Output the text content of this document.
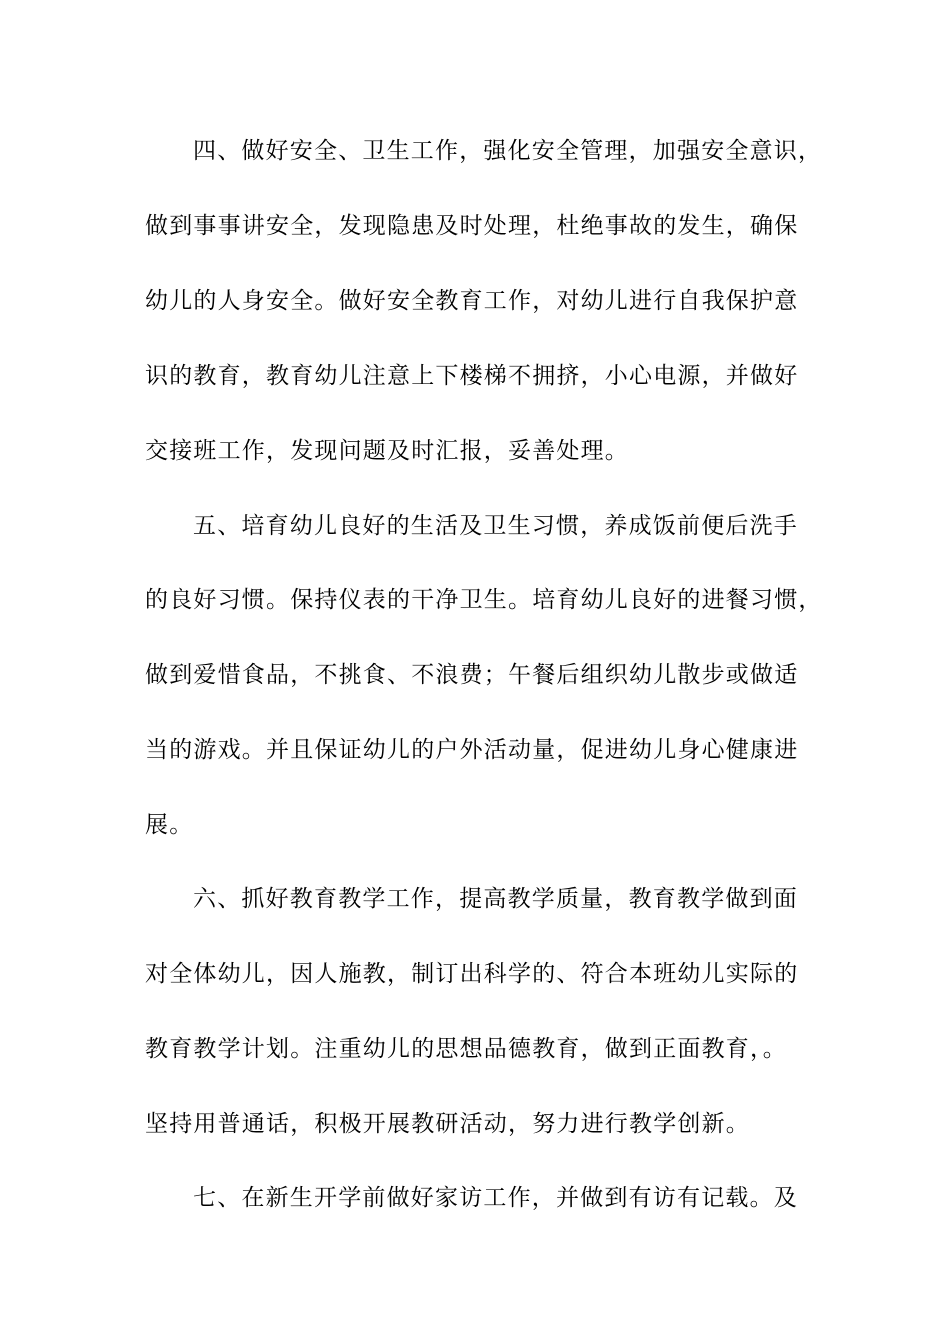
四、做好安全、卫生工作，强化安全管理，加强安全意识，
做到事事讲安全，发现隐患及时处理，杜绝事故的发生，确保
幼儿的人身安全。做好安全教育工作，对幼儿进行自我保护意
识的教育，教育幼儿注意上下楼梯不拥挤，小心电源，并做好
交接班工作，发现问题及时汇报，妥善处理。
五、培育幼儿良好的生活及卫生习惯，养成饭前便后洗手
的良好习惯。保持仪表的干净卫生。培育幼儿良好的进餐习惯，
做到爱惜食品，不挑食、不浪费；午餐后组织幼儿散步或做适
当的游戏。并且保证幼儿的户外活动量，促进幼儿身心健康进
展。
六、抓好教育教学工作，提高教学质量，教育教学做到面
对全体幼儿，因人施教，制订出科学的、符合本班幼儿实际的
教育教学计划。注重幼儿的思想品德教育，做到正面教育，。
坚持用普通话，积极开展教研活动，努力进行教学创新。
七、在新生开学前做好家访工作，并做到有访有记载。及
